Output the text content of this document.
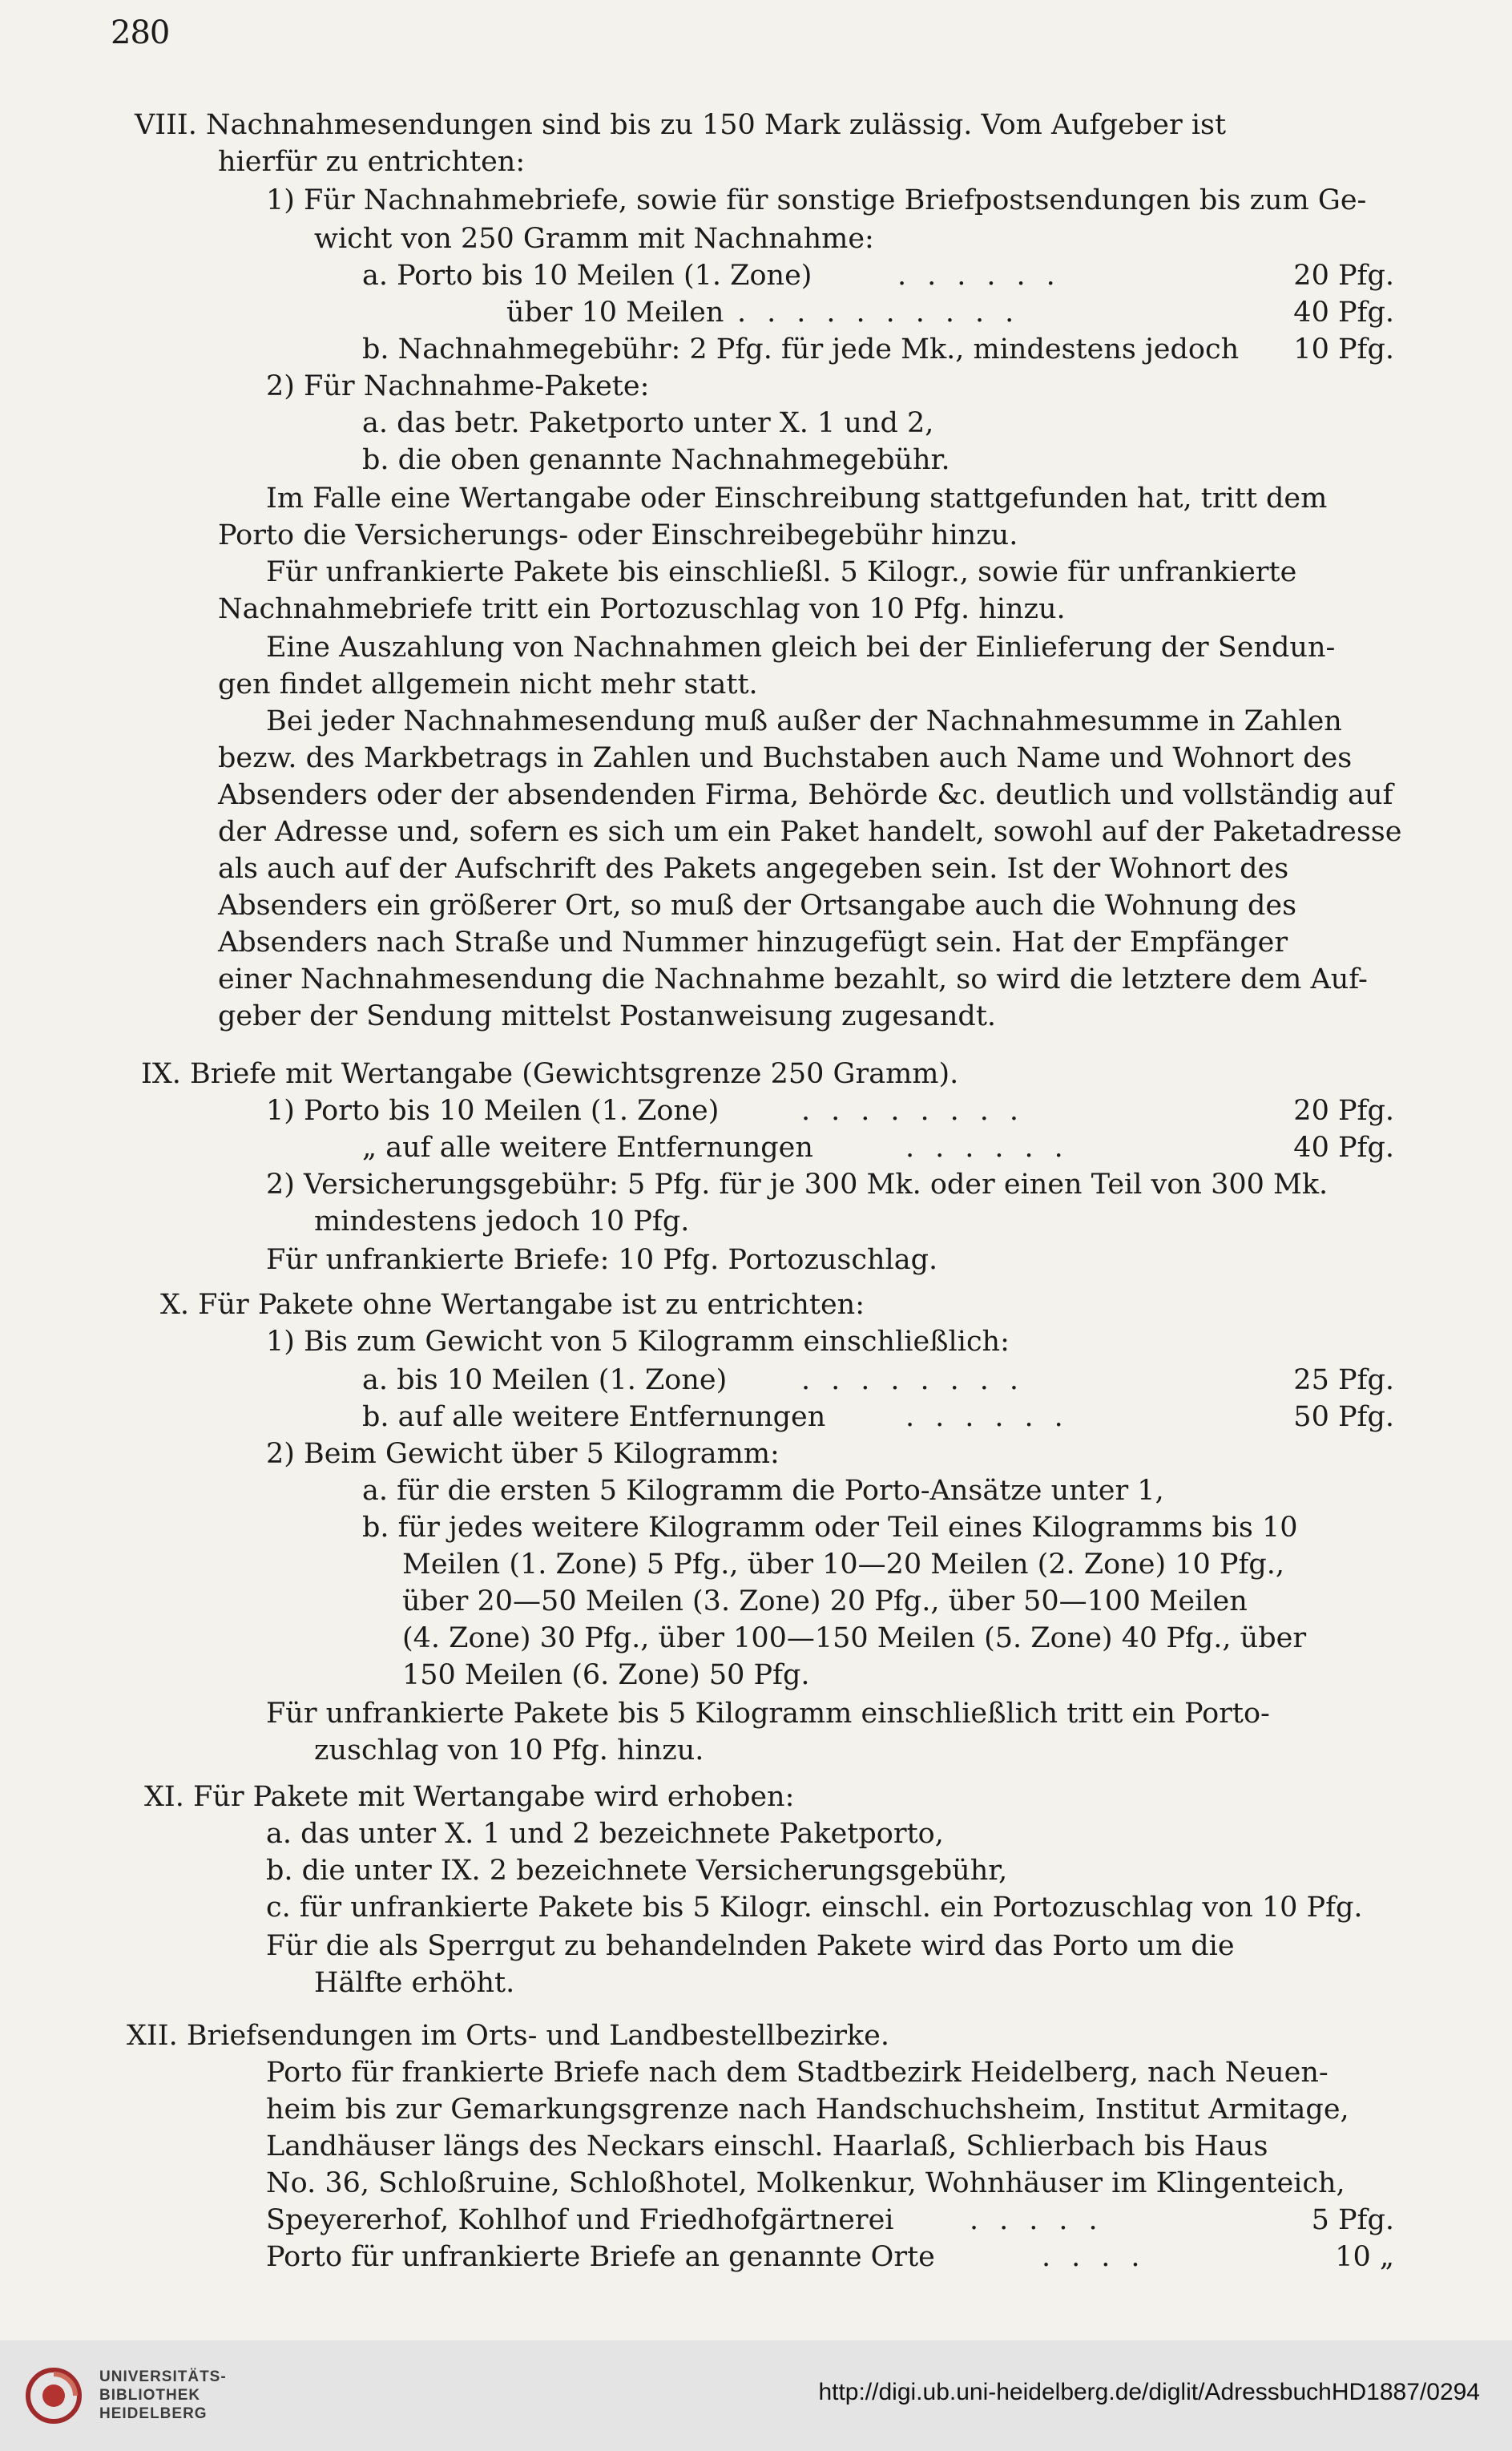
280
VIII. Nachnahmesendungen sind bis zu 150 Mark zulässig. Vom Aufgeber ist
hierfür zu entrichten:
1) Für Nachnahmebriefe, sowie für sonstige Briefpostsendungen bis zum Ge-
wicht von 250 Gramm mit Nachnahme:
a. Porto bis 10 Meilen (1. Zone)	......	20 Pfg.
über 10 Meilen ..........	40 Pfg.
b. Nachnahmegebühr: 2 Pfg. für jede Mk., mindestens jedoch	10 Pfg.
2) Für Nachnahme-Pakete:
a. das betr. Paketporto unter X. 1 und 2,
b. die oben genannte Nachnahmegebühr.
Im Falle eine Wertangabe oder Einschreibung stattgefunden hat, tritt dem
Porto die Versicherungs- oder Einschreibegebühr hinzu.
Für unfrankierte Pakete bis einschließl. 5 Kilogr., sowie für unfrankierte
Nachnahmebriefe tritt ein Portozuschlag von 10 Pfg. hinzu.
Eine Auszahlung von Nachnahmen gleich bei der Einlieferung der Sendun-
gen findet allgemein nicht mehr statt.
Bei jeder Nachnahmesendung muß außer der Nachnahmesumme in Zahlen
bezw. des Markbetrags in Zahlen und Buchstaben auch Name und Wohnort des
Absenders oder der absendenden Firma, Behörde &c. deutlich und vollständig auf
der Adresse und, sofern es sich um ein Paket handelt, sowohl auf der Paketadresse
als auch auf der Aufschrift des Pakets angegeben sein. Ist der Wohnort des
Absenders ein größerer Ort, so muß der Ortsangabe auch die Wohnung des
Absenders nach Straße und Nummer hinzugefügt sein. Hat der Empfänger
einer Nachnahmesendung die Nachnahme bezahlt, so wird die letztere dem Auf-
geber der Sendung mittelst Postanweisung zugesandt.
IX. Briefe mit Wertangabe (Gewichtsgrenze 250 Gramm).
1) Porto bis 10 Meilen (1. Zone)	........	20 Pfg.
„ auf alle weitere Entfernungen	......	40 Pfg.
2) Versicherungsgebühr: 5 Pfg. für je 300 Mk. oder einen Teil von 300 Mk.
mindestens jedoch 10 Pfg.
Für unfrankierte Briefe: 10 Pfg. Portozuschlag.
X. Für Pakete ohne Wertangabe ist zu entrichten:
1) Bis zum Gewicht von 5 Kilogramm einschließlich:
a. bis 10 Meilen (1. Zone)	........	25 Pfg.
b. auf alle weitere Entfernungen	......	50 Pfg.
2) Beim Gewicht über 5 Kilogramm:
a. für die ersten 5 Kilogramm die Porto-Ansätze unter 1,
b. für jedes weitere Kilogramm oder Teil eines Kilogramms bis 10
Meilen (1. Zone) 5 Pfg., über 10—20 Meilen (2. Zone) 10 Pfg.,
über 20—50 Meilen (3. Zone) 20 Pfg., über 50—100 Meilen
(4. Zone) 30 Pfg., über 100—150 Meilen (5. Zone) 40 Pfg., über
150 Meilen (6. Zone) 50 Pfg.
Für unfrankierte Pakete bis 5 Kilogramm einschließlich tritt ein Porto-
zuschlag von 10 Pfg. hinzu.
XI. Für Pakete mit Wertangabe wird erhoben:
a. das unter X. 1 und 2 bezeichnete Paketporto,
b. die unter IX. 2 bezeichnete Versicherungsgebühr,
c. für unfrankierte Pakete bis 5 Kilogr. einschl. ein Portozuschlag von 10 Pfg.
Für die als Sperrgut zu behandelnden Pakete wird das Porto um die
Hälfte erhöht.
XII. Briefsendungen im Orts- und Landbestellbezirke.
Porto für frankierte Briefe nach dem Stadtbezirk Heidelberg, nach Neuen-
heim bis zur Gemarkungsgrenze nach Handschuchsheim, Institut Armitage,
Landhäuser längs des Neckars einschl. Haarlaß, Schlierbach bis Haus
No. 36, Schloßruine, Schloßhotel, Molkenkur, Wohnhäuser im Klingenteich,
Speyererhof, Kohlhof und Friedhofgärtnerei	.....	5 Pfg.
Porto für unfrankierte Briefe an genannte Orte	....	10 „
UNIVERSITÄTS-
BIBLIOTHEK
HEIDELBERG
http://digi.ub.uni-heidelberg.de/diglit/AdressbuchHD1887/0294
